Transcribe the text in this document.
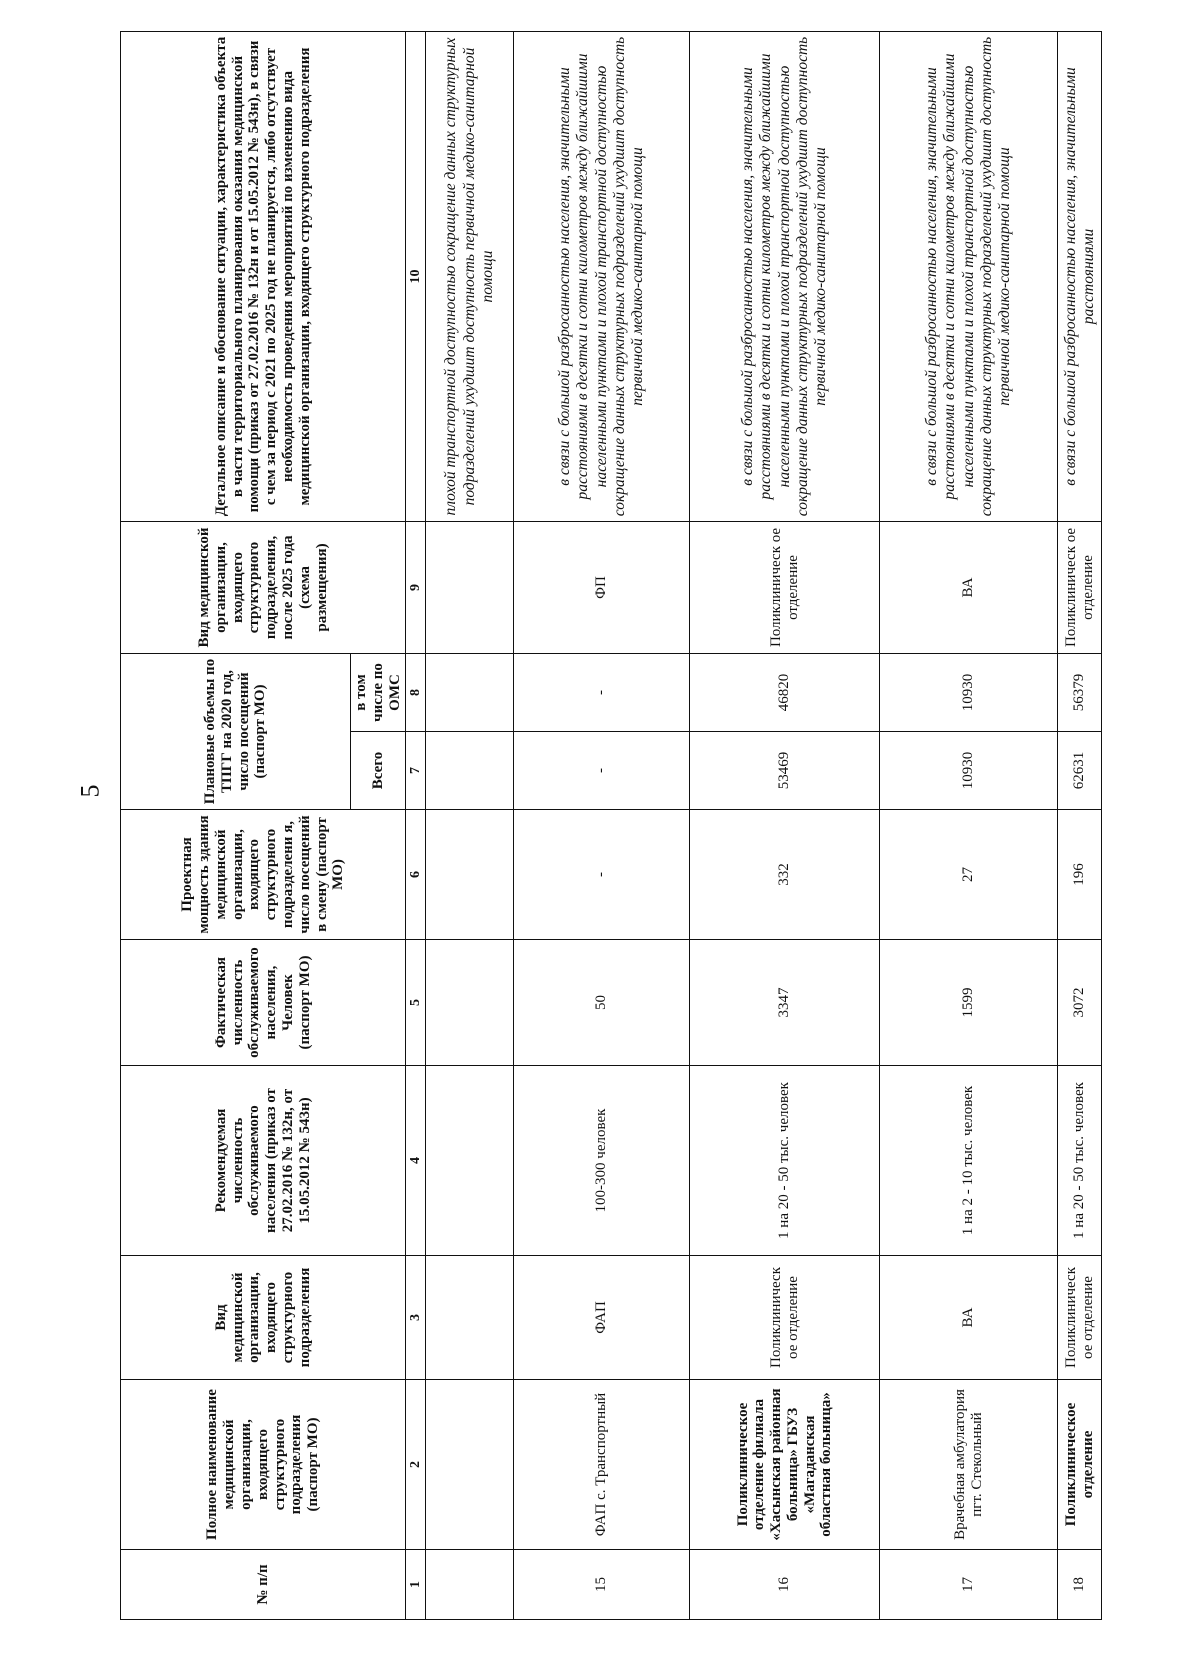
5
№ п/п	Полное наименование медицинской организации, входящего структурного подразделения (паспорт МО)	Вид медицинской организации, входящего структурного подразделения	Рекомендуемая численность обслуживаемого населения (приказ от 27.02.2016 № 132н, от 15.05.2012 № 543н)	Фактическая численность обслуживаемого населения, Человек (паспорт МО)	Проектная мощность здания медицинской организации, входящего структурного подразделени я, число посещений в смену (паспорт МО)	Плановые объемы по ТПГГ на 2020 год, число посещений (паспорт МО)		Вид медицинской организации, входящего структурного подразделения, после 2025 года (схема размещения)	Детальное описание и обоснование ситуации, характеристика объекта в части территориального планирования оказания медицинской помощи (приказ от 27.02.2016 № 132н и от 15.05.2012 № 543н), в связи с чем за период с 2021 по 2025 год не планируется, либо отсутствует необходимость проведения мероприятий по изменению вида медицинской организации, входящего структурного подразделения
						Всего	в том числе по ОМС		
1	2	3	4	5	6	7	8	9	10
									плохой транспортной доступностью сокращение данных структурных подразделений ухудшит доступность первичной медико-санитарной помощи
15	ФАП с. Транспортный	ФАП	100-300 человек	50	-	-	-	ФП	в связи с большой разбросанностью населения, значительными расстояниями в десятки и сотни километров между ближайшими населенными пунктами и плохой транспортной доступностью сокращение данных структурных подразделений ухудшит доступность первичной медико-санитарной помощи
16	Поликлиническое отделение филиала «Хасынская районная больница» ГБУЗ «Магаданская областная больница»	Поликлиническ ое отделение	1 на 20 - 50 тыс. человек	3347	332	53469	46820	Поликлиническ ое отделение	в связи с большой разбросанностью населения, значительными расстояниями в десятки и сотни километров между ближайшими населенными пунктами и плохой транспортной доступностью сокращение данных структурных подразделений ухудшит доступность первичной медико-санитарной помощи
17	Врачебная амбулатория пгт. Стекольный	ВА	1 на 2 - 10 тыс. человек	1599	27	10930	10930	ВА	в связи с большой разбросанностью населения, значительными расстояниями в десятки и сотни километров между ближайшими населенными пунктами и плохой транспортной доступностью сокращение данных структурных подразделений ухудшит доступность первичной медико-санитарной помощи
18	Поликлиническое отделение	Поликлиническ ое отделение	1 на 20 - 50 тыс. человек	3072	196	62631	56379	Поликлиническ ое отделение	в связи с большой разбросанностью населения, значительными расстояниями
